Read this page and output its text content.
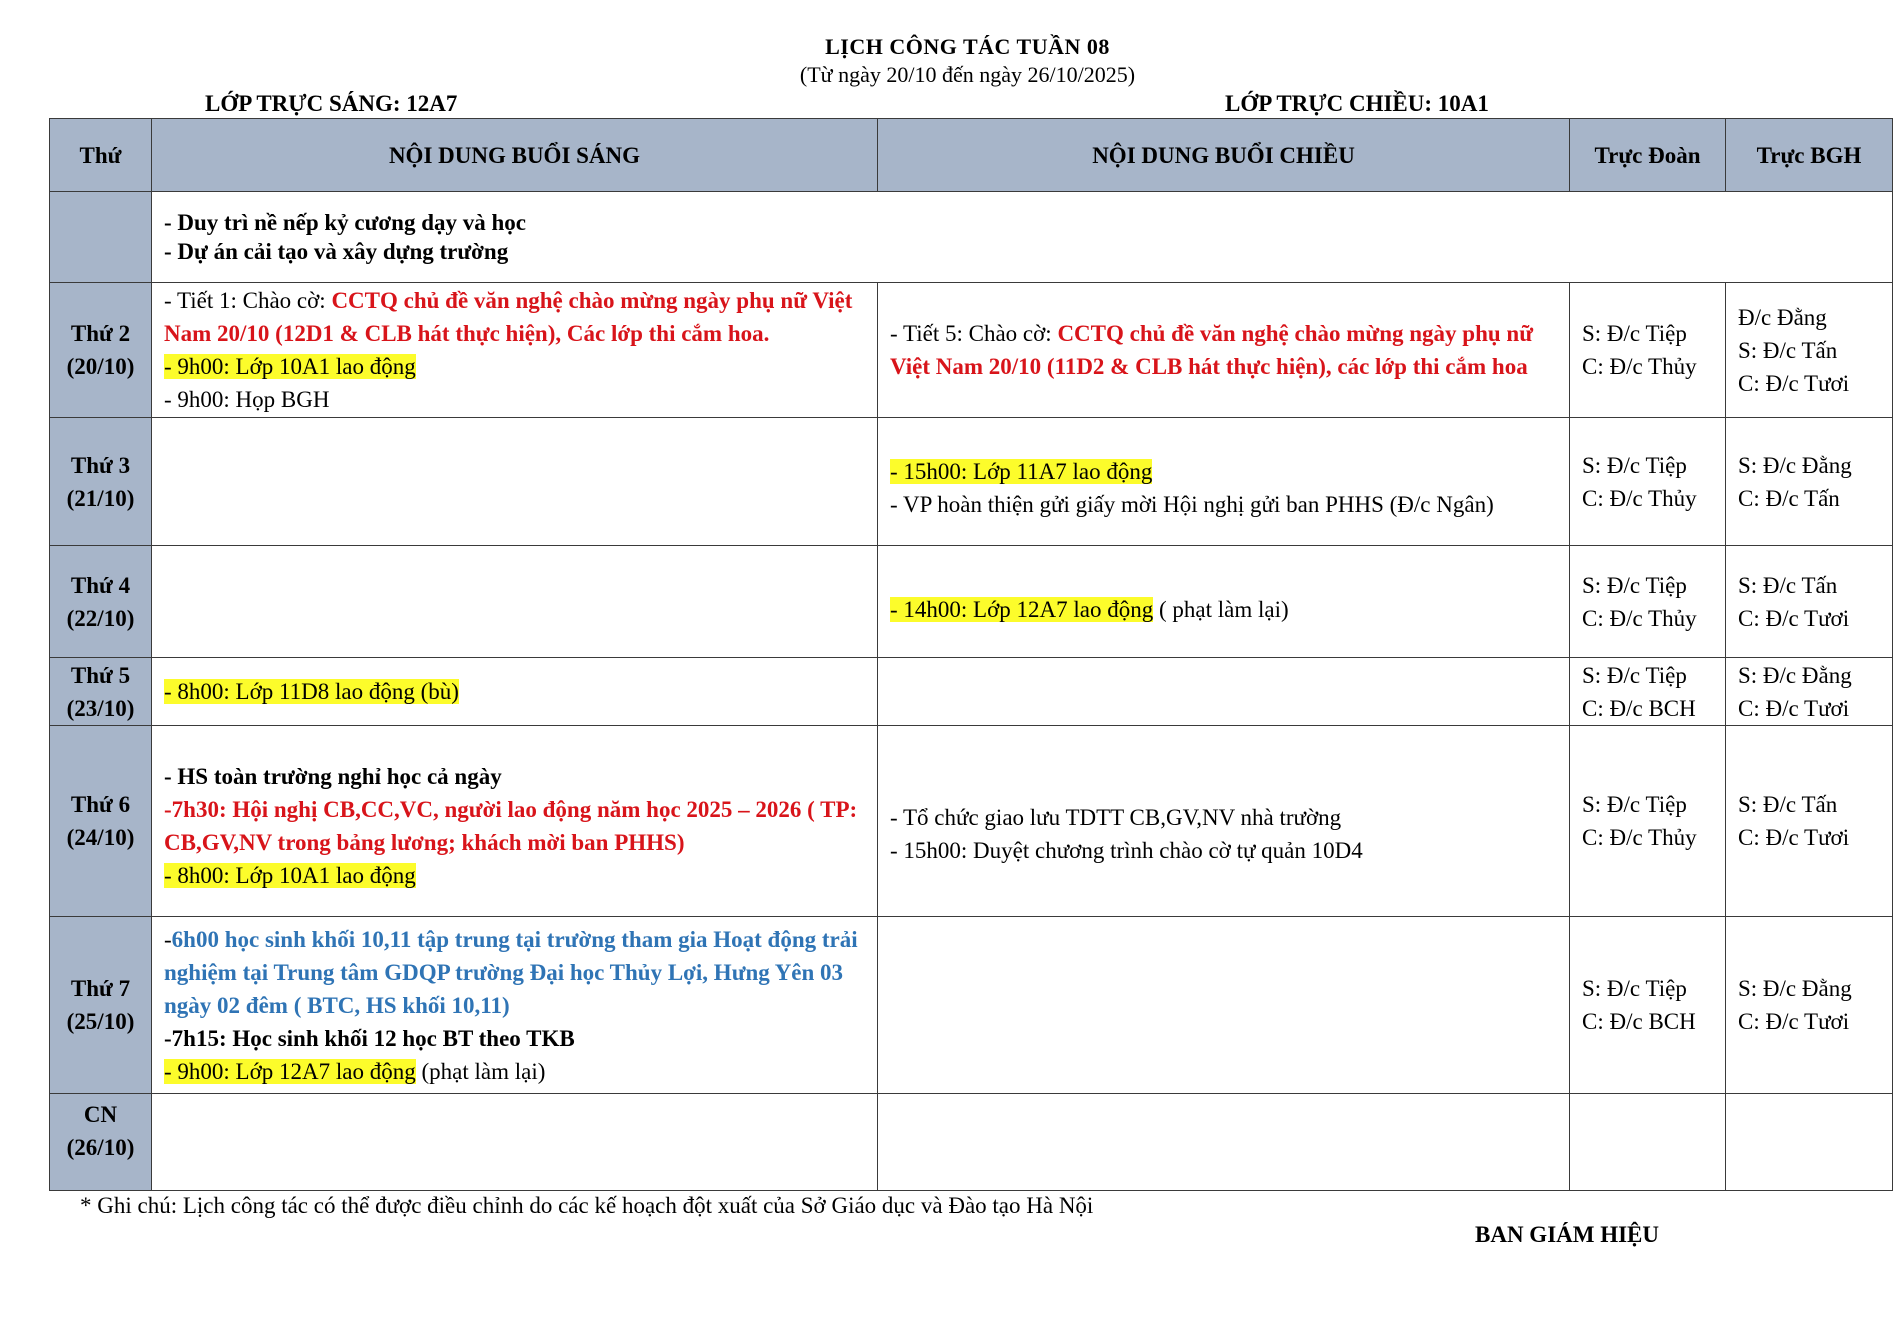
LỊCH CÔNG TÁC TUẦN 08
(Từ ngày 20/10 đến ngày 26/10/2025)
LỚP TRỰC SÁNG: 12A7	LỚP TRỰC CHIỀU: 10A1
Thứ	NỘI DUNG BUỔI SÁNG	NỘI DUNG BUỔI CHIỀU	Trực Đoàn	Trực BGH

	- Duy trì nề nếp kỷ cương dạy và học
- Dự án cải tạo và xây dựng trường			

Thứ 2
(20/10)	- Tiết 1: Chào cờ: CCTQ chủ đề văn nghệ chào mừng ngày phụ nữ Việt Nam 20/10 (12D1 & CLB hát thực hiện), Các lớp thi cắm hoa.
- 9h00: Lớp 10A1 lao động
- 9h00: Họp BGH	- Tiết 5: Chào cờ: CCTQ chủ đề văn nghệ chào mừng ngày phụ nữ Việt Nam 20/10 (11D2 & CLB hát thực hiện), các lớp thi cắm hoa	S: Đ/c Tiệp
C: Đ/c Thủy	Đ/c Đằng
S: Đ/c Tấn
C: Đ/c Tươi

Thứ 3
(21/10)		- 15h00: Lớp 11A7 lao động
- VP hoàn thiện gửi giấy mời Hội nghị gửi ban PHHS (Đ/c Ngân)	S: Đ/c Tiệp
C: Đ/c Thủy	S: Đ/c Đằng
C: Đ/c Tấn

Thứ 4
(22/10)		- 14h00: Lớp 12A7 lao động ( phạt làm lại)	S: Đ/c Tiệp
C: Đ/c Thủy	S: Đ/c Tấn
C: Đ/c Tươi

Thứ 5
(23/10)	- 8h00: Lớp 11D8 lao động (bù)		S: Đ/c Tiệp
C: Đ/c BCH	S: Đ/c Đằng
C: Đ/c Tươi

Thứ 6
(24/10)	- HS toàn trường nghỉ học cả ngày
-7h30: Hội nghị CB,CC,VC, người lao động năm học 2025 – 2026 ( TP: CB,GV,NV trong bảng lương; khách mời ban PHHS)
- 8h00: Lớp 10A1 lao động	- Tổ chức giao lưu TDTT CB,GV,NV nhà trường
- 15h00: Duyệt chương trình chào cờ tự quản 10D4	S: Đ/c Tiệp
C: Đ/c Thủy	S: Đ/c Tấn
C: Đ/c Tươi

Thứ 7
(25/10)	-6h00 học sinh khối 10,11 tập trung tại trường tham gia Hoạt động trải nghiệm tại Trung tâm GDQP trường Đại học Thủy Lợi, Hưng Yên 03 ngày 02 đêm ( BTC, HS khối 10,11)
-7h15: Học sinh khối 12 học BT theo TKB
- 9h00: Lớp 12A7 lao động (phạt làm lại)		S: Đ/c Tiệp
C: Đ/c BCH	S: Đ/c Đằng
C: Đ/c Tươi

CN
(26/10)				

* Ghi chú: Lịch công tác có thể được điều chỉnh do các kế hoạch đột xuất của Sở Giáo dục và Đào tạo Hà Nội
BAN GIÁM HIỆU
